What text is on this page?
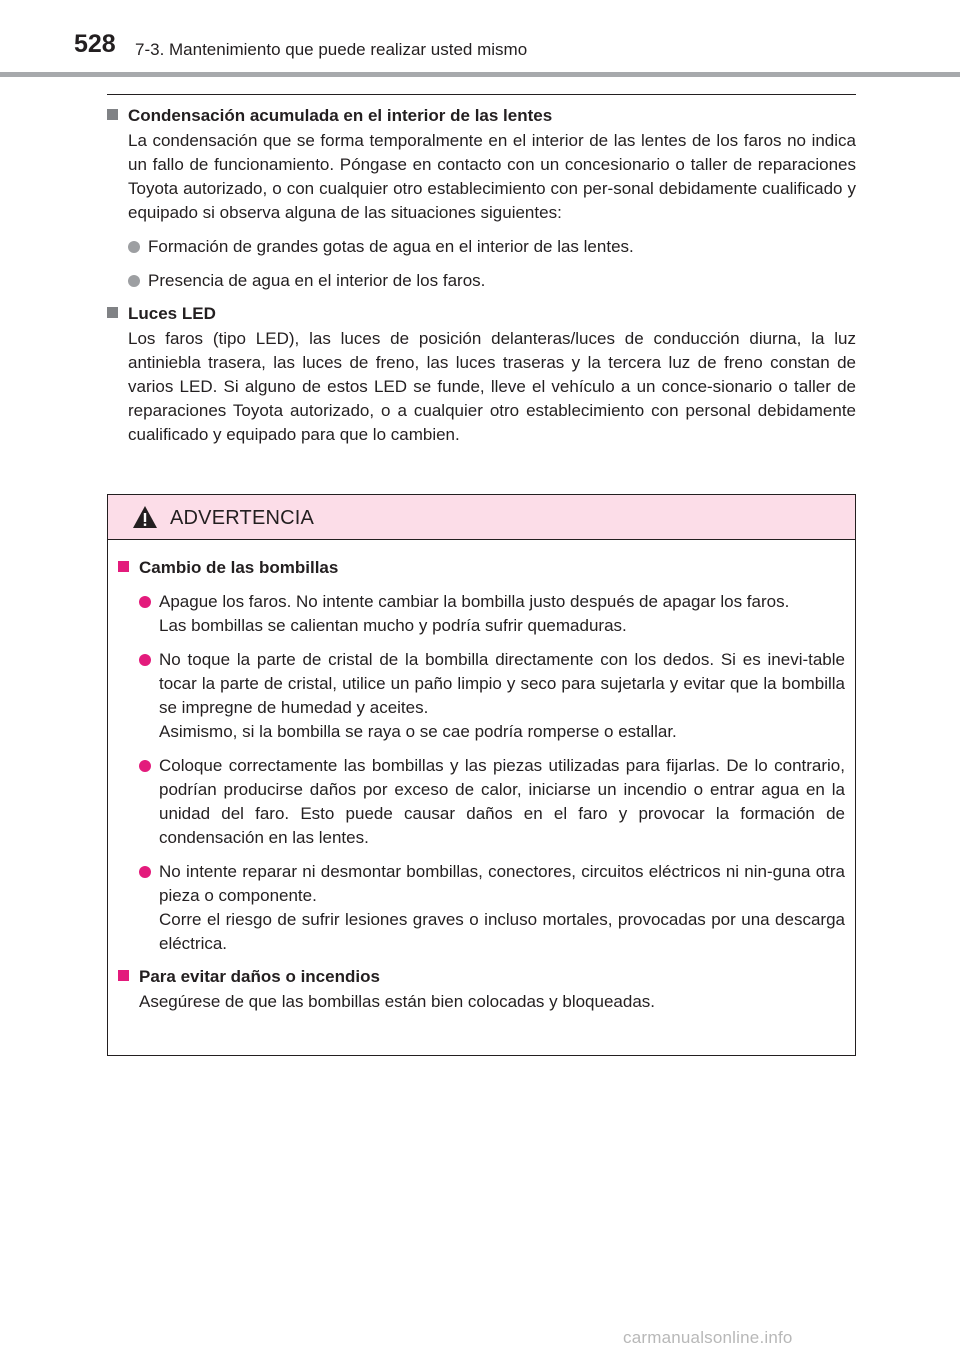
528 7-3. Mantenimiento que puede realizar usted mismo
Condensación acumulada en el interior de las lentes
La condensación que se forma temporalmente en el interior de las lentes de los faros no indica un fallo de funcionamiento. Póngase en contacto con un concesionario o taller de reparaciones Toyota autorizado, o con cualquier otro establecimiento con per-sonal debidamente cualificado y equipado si observa alguna de las situaciones siguientes:
Formación de grandes gotas de agua en el interior de las lentes.
Presencia de agua en el interior de los faros.
Luces LED
Los faros (tipo LED), las luces de posición delanteras/luces de conducción diurna, la luz antiniebla trasera, las luces de freno, las luces traseras y la tercera luz de freno constan de varios LED. Si alguno de estos LED se funde, lleve el vehículo a un conce-sionario o taller de reparaciones Toyota autorizado, o a cualquier otro establecimiento con personal debidamente cualificado y equipado para que lo cambien.
ADVERTENCIA
Cambio de las bombillas
Apague los faros. No intente cambiar la bombilla justo después de apagar los faros.
Las bombillas se calientan mucho y podría sufrir quemaduras.
No toque la parte de cristal de la bombilla directamente con los dedos. Si es inevi-table tocar la parte de cristal, utilice un paño limpio y seco para sujetarla y evitar que la bombilla se impregne de humedad y aceites.
Asimismo, si la bombilla se raya o se cae podría romperse o estallar.
Coloque correctamente las bombillas y las piezas utilizadas para fijarlas. De lo contrario, podrían producirse daños por exceso de calor, iniciarse un incendio o entrar agua en la unidad del faro. Esto puede causar daños en el faro y provocar la formación de condensación en las lentes.
No intente reparar ni desmontar bombillas, conectores, circuitos eléctricos ni nin-guna otra pieza o componente.
Corre el riesgo de sufrir lesiones graves o incluso mortales, provocadas por una descarga eléctrica.
Para evitar daños o incendios
Asegúrese de que las bombillas están bien colocadas y bloqueadas.
carmanualsonline.info
